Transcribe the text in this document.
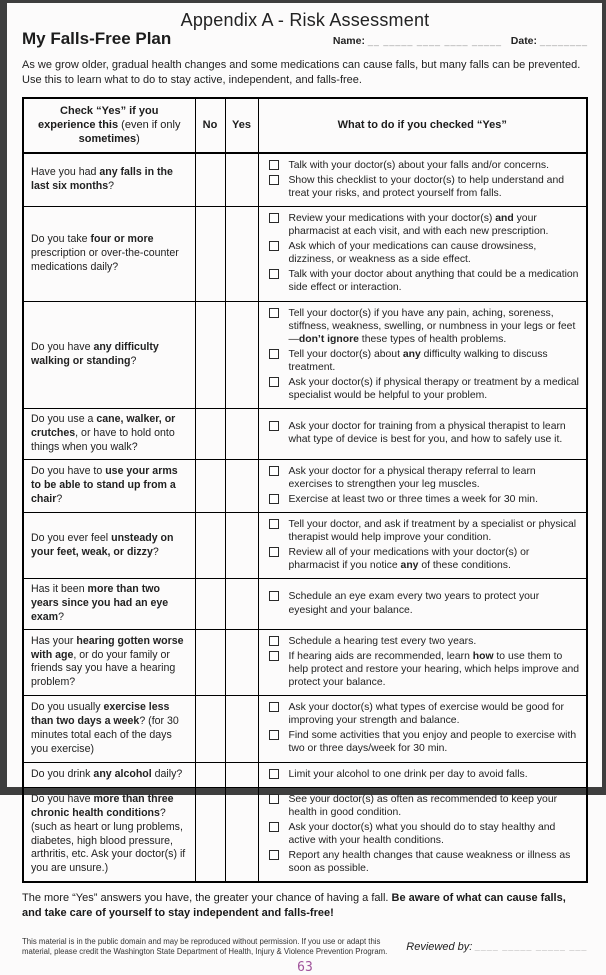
Appendix A - Risk Assessment
My Falls-Free Plan	Name: __ _____ ____ ____ _____ Date: ________
As we grow older, gradual health changes and some medications can cause falls, but many falls can be prevented.
Use this to learn what to do to stay active, independent, and falls-free.
Check “Yes” if you experience this (even if only sometimes)	No	Yes	What to do if you checked “Yes”
Have you had any falls in the last six months?			Talk with your doctor(s) about your falls and/or concerns.
Show this checklist to your doctor(s) to help understand and treat your risks, and protect yourself from falls.

Do you take four or more prescription or over-the-counter medications daily?			Review your medications with your doctor(s) and your pharmacist at each visit, and with each new prescription.
Ask which of your medications can cause drowsiness, dizziness, or weakness as a side effect.
Talk with your doctor about anything that could be a medication side effect or interaction.

Do you have any difficulty walking or standing?			Tell your doctor(s) if you have any pain, aching, soreness, stiffness, weakness, swelling, or numbness in your legs or feet—don’t ignore these types of health problems.
Tell your doctor(s) about any difficulty walking to discuss treatment.
Ask your doctor(s) if physical therapy or treatment by a medical specialist would be helpful to your problem.

Do you use a cane, walker, or crutches, or have to hold onto things when you walk?			Ask your doctor for training from a physical therapist to learn what type of device is best for you, and how to safely use it.

Do you have to use your arms to be able to stand up from a chair?			Ask your doctor for a physical therapy referral to learn exercises to strengthen your leg muscles.
Exercise at least two or three times a week for 30 min.

Do you ever feel unsteady on your feet, weak, or dizzy?			Tell your doctor, and ask if treatment by a specialist or physical therapist would help improve your condition.
Review all of your medications with your doctor(s) or pharmacist if you notice any of these conditions.

Has it been more than two years since you had an eye exam?			Schedule an eye exam every two years to protect your eyesight and your balance.

Has your hearing gotten worse with age, or do your family or friends say you have a hearing problem?			Schedule a hearing test every two years.
If hearing aids are recommended, learn how to use them to help protect and restore your hearing, which helps improve and protect your balance.

Do you usually exercise less than two days a week? (for 30 minutes total each of the days you exercise)			Ask your doctor(s) what types of exercise would be good for improving your strength and balance.
Find some activities that you enjoy and people to exercise with two or three days/week for 30 min.

Do you drink any alcohol daily?			Limit your alcohol to one drink per day to avoid falls.

Do you have more than three chronic health conditions? (such as heart or lung problems, diabetes, high blood pressure, arthritis, etc. Ask your doctor(s) if you are unsure.)			See your doctor(s) as often as recommended to keep your health in good condition.
Ask your doctor(s) what you should do to stay healthy and active with your health conditions.
Report any health changes that cause weakness or illness as soon as possible.
The more “Yes” answers you have, the greater your chance of having a fall. Be aware of what can cause falls, and take care of yourself to stay independent and falls-free!
This material is in the public domain and may be reproduced without permission. If you use or adapt this material, please credit the Washington State Department of Health, Injury & Violence Prevention Program.	Reviewed by: ____ _____ _____ ___
63
